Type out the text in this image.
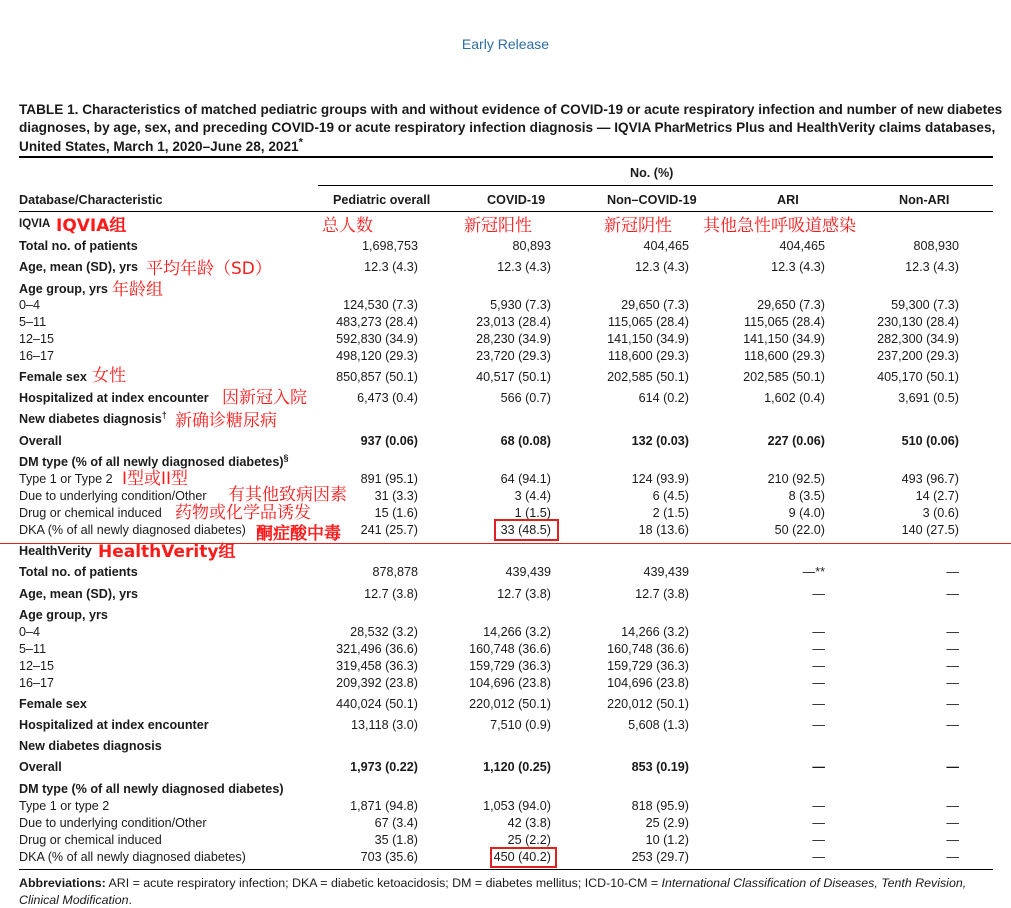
Early Release

TABLE 1. Characteristics of matched pediatric groups with and without evidence of COVID-19 or acute respiratory infection and number of new diabetes diagnoses, by age, sex, and preceding COVID-19 or acute respiratory infection diagnosis — IQVIA PharMetrics Plus and HealthVerity claims databases, United States, March 1, 2020–June 28, 2021*

No. (%)
Database/Characteristic	Pediatric overall	COVID-19	Non–COVID-19	ARI	Non-ARI
IQVIA
Total no. of patients	1,698,753	80,893	404,465	404,465	808,930
Age, mean (SD), yrs	12.3 (4.3)	12.3 (4.3)	12.3 (4.3)	12.3 (4.3)	12.3 (4.3)
Age group, yrs
0–4	124,530 (7.3)	5,930 (7.3)	29,650 (7.3)	29,650 (7.3)	59,300 (7.3)
5–11	483,273 (28.4)	23,013 (28.4)	115,065 (28.4)	115,065 (28.4)	230,130 (28.4)
12–15	592,830 (34.9)	28,230 (34.9)	141,150 (34.9)	141,150 (34.9)	282,300 (34.9)
16–17	498,120 (29.3)	23,720 (29.3)	118,600 (29.3)	118,600 (29.3)	237,200 (29.3)
Female sex	850,857 (50.1)	40,517 (50.1)	202,585 (50.1)	202,585 (50.1)	405,170 (50.1)
Hospitalized at index encounter	6,473 (0.4)	566 (0.7)	614 (0.2)	1,602 (0.4)	3,691 (0.5)
New diabetes diagnosis†
Overall	937 (0.06)	68 (0.08)	132 (0.03)	227 (0.06)	510 (0.06)
DM type (% of all newly diagnosed diabetes)§
Type 1 or Type 2	891 (95.1)	64 (94.1)	124 (93.9)	210 (92.5)	493 (96.7)
Due to underlying condition/Other	31 (3.3)	3 (4.4)	6 (4.5)	8 (3.5)	14 (2.7)
Drug or chemical induced	15 (1.6)	1 (1.5)	2 (1.5)	9 (4.0)	3 (0.6)
DKA (% of all newly diagnosed diabetes)	241 (25.7)	33 (48.5)	18 (13.6)	50 (22.0)	140 (27.5)
HealthVerity
Total no. of patients	878,878	439,439	439,439	—**	—
Age, mean (SD), yrs	12.7 (3.8)	12.7 (3.8)	12.7 (3.8)	—	—
Age group, yrs
0–4	28,532 (3.2)	14,266 (3.2)	14,266 (3.2)	—	—
5–11	321,496 (36.6)	160,748 (36.6)	160,748 (36.6)	—	—
12–15	319,458 (36.3)	159,729 (36.3)	159,729 (36.3)	—	—
16–17	209,392 (23.8)	104,696 (23.8)	104,696 (23.8)	—	—
Female sex	440,024 (50.1)	220,012 (50.1)	220,012 (50.1)	—	—
Hospitalized at index encounter	13,118 (3.0)	7,510 (0.9)	5,608 (1.3)	—	—
New diabetes diagnosis
Overall	1,973 (0.22)	1,120 (0.25)	853 (0.19)	—	—
DM type (% of all newly diagnosed diabetes)
Type 1 or type 2	1,871 (94.8)	1,053 (94.0)	818 (95.9)	—	—
Due to underlying condition/Other	67 (3.4)	42 (3.8)	25 (2.9)	—	—
Drug or chemical induced	35 (1.8)	25 (2.2)	10 (1.2)	—	—
DKA (% of all newly diagnosed diabetes)	703 (35.6)	450 (40.2)	253 (29.7)	—	—
Abbreviations: ARI = acute respiratory infection; DKA = diabetic ketoacidosis; DM = diabetes mellitus; ICD-10-CM = International Classification of Diseases, Tenth Revision, Clinical Modification.
IQVIA组	总人数	新冠阳性	新冠阴性 其他急性呼吸道感染
平均年龄（SD）
年龄组
女性
因新冠入院
新确诊糖尿病
I型或II型
有其他致病因素
药物或化学品诱发
酮症酸中毒
HealthVerity组
